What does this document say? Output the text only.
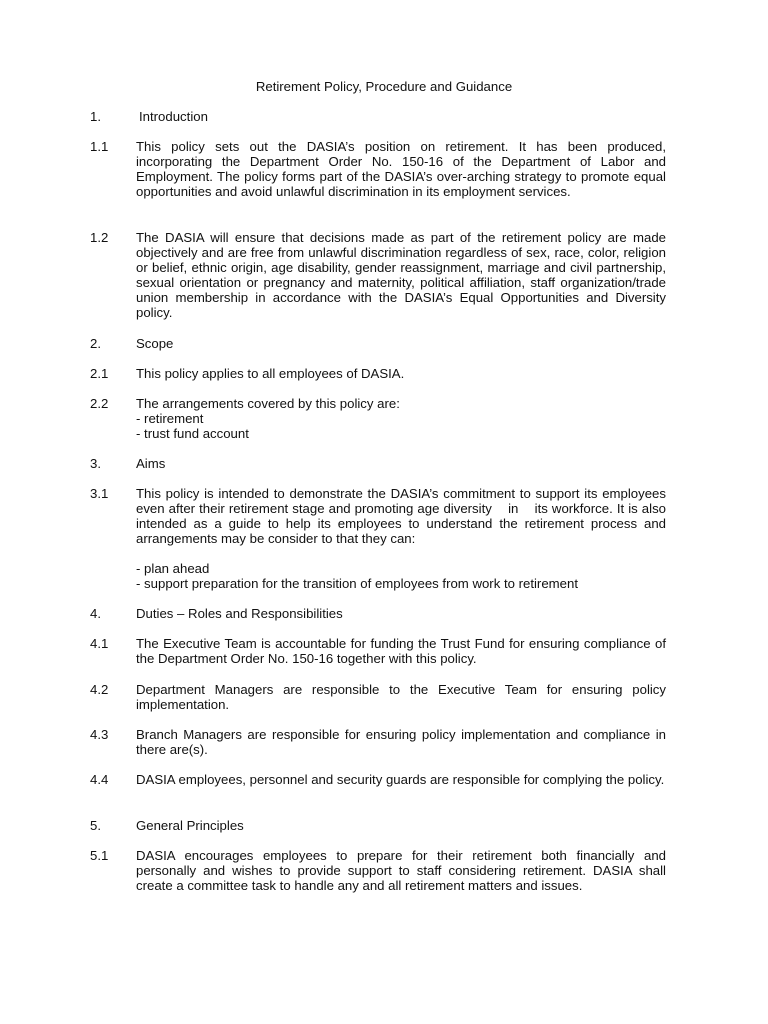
Retirement Policy, Procedure and Guidance
1.	Introduction
1.1	This policy sets out the DASIA’s position on retirement. It has been produced, incorporating the Department Order No. 150-16 of the Department of Labor and Employment. The policy forms part of the DASIA’s over-arching strategy to promote equal opportunities and avoid unlawful discrimination in its employment services.
1.2	The DASIA will ensure that decisions made as part of the retirement policy are made objectively and are free from unlawful discrimination regardless of sex, race, color, religion or belief, ethnic origin, age disability, gender reassignment, marriage and civil partnership, sexual orientation or pregnancy and maternity, political affiliation, staff organization/trade union membership in accordance with the DASIA’s Equal Opportunities and Diversity policy.
2.	Scope
2.1	This policy applies to all employees of DASIA.
2.2	The arrangements covered by this policy are:
- retirement
- trust fund account
3.	Aims
3.1	This policy is intended to demonstrate the DASIA’s commitment to support its employees even after their retirement stage and promoting age diversity    in    its workforce. It is also intended as a guide to help its employees to understand the retirement process and arrangements may be consider to that they can:
- plan ahead
- support preparation for the transition of employees from work to retirement
4.	Duties – Roles and Responsibilities
4.1	The Executive Team is accountable for funding the Trust Fund for ensuring compliance of the Department Order No. 150-16 together with this policy.
4.2	Department Managers are responsible to the Executive Team for ensuring policy implementation.
4.3	Branch Managers are responsible for ensuring policy implementation and compliance in there are(s).
4.4	DASIA employees, personnel and security guards are responsible for complying the policy.
5.	General Principles
5.1	DASIA encourages employees to prepare for their retirement both financially and personally and wishes to provide support to staff considering retirement. DASIA shall create a committee task to handle any and all retirement matters and issues.
